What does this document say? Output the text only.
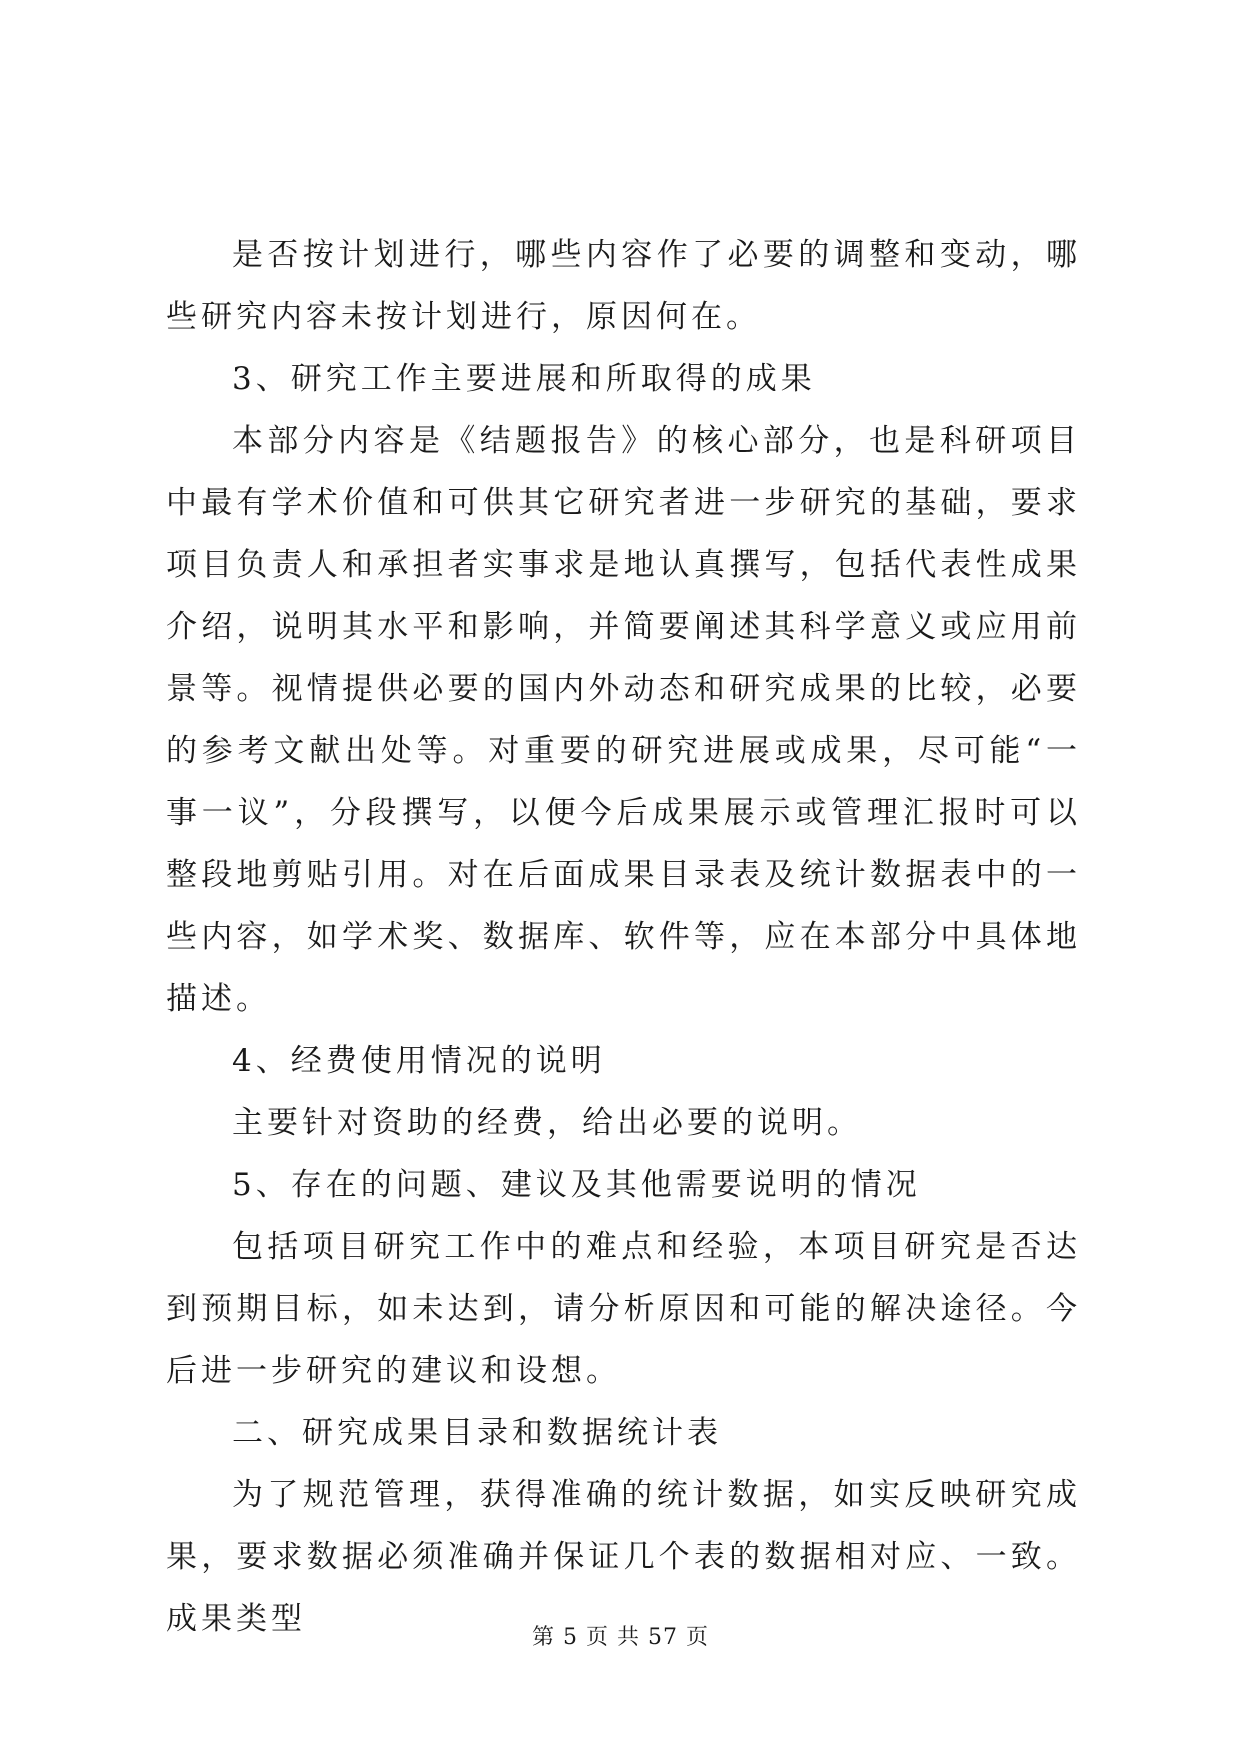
是否按计划进行，哪些内容作了必要的调整和变动，哪些研究内容未按计划进行，原因何在。

3、研究工作主要进展和所取得的成果

本部分内容是《结题报告》的核心部分，也是科研项目中最有学术价值和可供其它研究者进一步研究的基础，要求项目负责人和承担者实事求是地认真撰写，包括代表性成果介绍，说明其水平和影响，并简要阐述其科学意义或应用前景等。视情提供必要的国内外动态和研究成果的比较，必要的参考文献出处等。对重要的研究进展或成果，尽可能“一事一议”，分段撰写，以便今后成果展示或管理汇报时可以整段地剪贴引用。对在后面成果目录表及统计数据表中的一些内容，如学术奖、数据库、软件等，应在本部分中具体地描述。

4、经费使用情况的说明

主要针对资助的经费，给出必要的说明。

5、存在的问题、建议及其他需要说明的情况

包括项目研究工作中的难点和经验，本项目研究是否达到预期目标，如未达到，请分析原因和可能的解决途径。今后进一步研究的建议和设想。

二、研究成果目录和数据统计表

为了规范管理，获得准确的统计数据，如实反映研究成果，要求数据必须准确并保证几个表的数据相对应、一致。成果类型

第 5 页 共 57 页
